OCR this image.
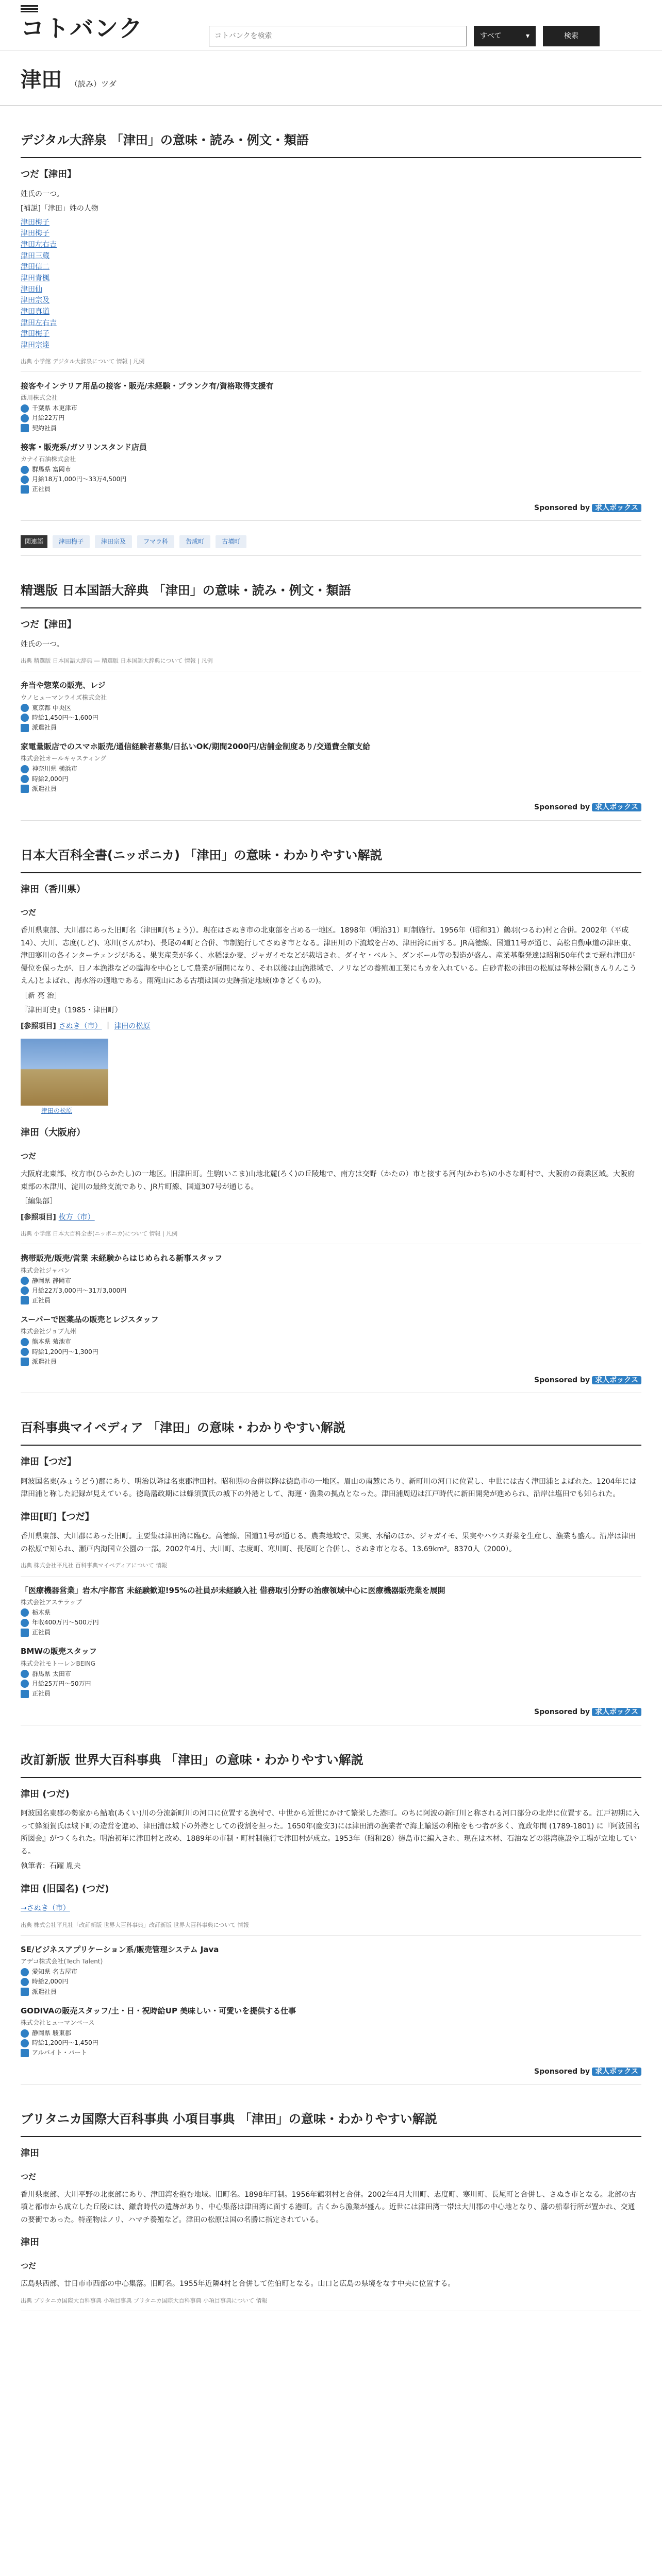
コトバンク
コトバンクを検索	すべて	▾	検索
津田 （読み）ツダ
デジタル大辞泉 「津田」の意味・読み・例文・類語
つだ【津田】

姓氏の一つ。

[補説]「津田」姓の人物

津田梅子
津田梅子
津田左右吉
津田三蔵
津田信二
津田青楓
津田仙
津田宗及
津田真道
津田左右吉
津田梅子
津田宗達
出典 小学館 デジタル大辞泉について 情報 | 凡例
接客やインテリア用品の接客・販売/未経験・ブランク有/資格取得支援有
西川株式会社
千葉県 木更津市
月給22万円
契約社員
接客・販売系/ガソリンスタンド店員
カナイ石油株式会社
群馬県 富岡市
月給18万1,000円〜33万4,500円
正社員
Sponsored by 求人ボックス
関連語	津田梅子	津田宗及	フマラ科	告成町	古墳町
精選版 日本国語大辞典 「津田」の意味・読み・例文・類語
つだ【津田】
姓氏の一つ。
出典 精選版 日本国語大辞典 ― 精選版 日本国語大辞典について 情報 | 凡例
弁当や惣菜の販売、レジ
ウノヒューマンライズ株式会社
東京都 中央区
時給1,450円〜1,600円
派遣社員
家電量販店でのスマホ販売/通信経験者募集/日払いOK/期間2000円/店舗金制度あり/交通費全額支給
株式会社オールキャスティング
神奈川県 横浜市
時給2,000円
派遣社員
Sponsored by 求人ボックス
日本大百科全書(ニッポニカ) 「津田」の意味・わかりやすい解説
津田（香川県）
つだ

香川県東部、大川郡にあった旧町名（津田町(ちょう)）。現在はさぬき市の北東部を占める一地区。1898年（明治31）町制施行。1956年（昭和31）鶴羽(つるわ)村と合併。2002年（平成14）、大川、志度(しど)、寒川(さんがわ)、長尾の4町と合併、市制施行してさぬき市となる。津田川の下流域を占め、津田湾に面する。JR高徳線、国道11号が通じ、高松自動車道の津田東、津田寒川の各インターチェンジがある。果実産業が多く、水稲ほか麦、ジャガイモなどが栽培され、ダイヤ・ベルト、ダンボール等の製造が盛ん。産業基盤発達は昭和50年代まで遅れ津田が優位を保ったが、日ノ本漁港などの臨海を中心として農業が展開になり、それ以後は山漁港域で、ノリなどの養殖加工業にもカを入れている。白砂青松の津田の松原は琴林公園(きんりんこうえん)とよばれ、海水浴の適地である。雨滝山にある古墳は国の史跡指定地域(ゆきどくもの)。

［新 亮 治］

『津田町史』（1985・津田町）

[参照項目] さぬき（市） ｜ 津田の松原

津田の松原
津田（大阪府）
つだ

大阪府北東部、枚方市(ひらかたし)の一地区。旧津田町。生駒(いこま)山地北麓(ろく)の丘陵地で、南方は交野（かたの）市と接する河内(かわち)の小さな町村で、大阪府の商業区域。大阪府東部の木津川、淀川の最終支流であり、JR片町線、国道307号が通じる。

［編集部］

[参照項目] 枚方（市）

出典 小学館 日本大百科全書(ニッポニカ)について 情報 | 凡例
携帯販売/販売/営業 未経験からはじめられる新事スタッフ
株式会社ジャパン
静岡県 静岡市
月給22万3,000円〜31万3,000円
正社員
スーパーで医薬品の販売とレジスタッフ
株式会社ジョブ九州
熊本県 菊池市
時給1,200円〜1,300円
派遣社員
Sponsored by 求人ボックス
百科事典マイペディア 「津田」の意味・わかりやすい解説
津田【つだ】
阿波国名東(みょうどう)郡にあり、明治以降は名東郡津田村。昭和期の合併以降は徳島市の一地区。眉山の南麓にあり、新町川の河口に位置し、中世には古く津田浦とよばれた。1204年には津田浦と称した記録が見えている。徳島藩政期には蜂須賀氏の城下の外港として、海運・漁業の拠点となった。津田浦周辺は江戸時代に新田開発が進められ、沿岸は塩田でも知られた。
津田[町]【つだ】
香川県東部、大川郡にあった旧町。主要集は津田湾に臨む。高徳線、国道11号が通じる。農業地域で、果実、水稲のほか、ジャガイモ、果実やハウス野菜を生産し、漁業も盛ん。沿岸は津田の松原で知られ、瀬戸内海国立公園の一部。2002年4月、大川町、志度町、寒川町、長尾町と合併し、さぬき市となる。13.69km²。8370人（2000）。
出典 株式会社平凡社 百科事典マイペディアについて 情報
「医療機器営業」岩木/宇都宮 未経験歓迎!95%の社員が未経験入社 借務取引分野の治療領域中心に医療機器販売業を展開
株式会社アステラップ
栃木県
年収400万円〜500万円
正社員
BMWの販売スタッフ
株式会社モトーレンBEING
群馬県 太田市
月給25万円〜50万円
正社員
Sponsored by 求人ボックス
改訂新版 世界大百科事典 「津田」の意味・わかりやすい解説
津田 (つだ)

阿波国名東郡の勢家から鮎喰(あくい)川の分流新町川の河口に位置する漁村で、中世から近世にかけて繁栄した港町。のちに阿波の新町川と称される河口部分の北岸に位置する。江戸初期に入って蜂須賀氏は城下町の造営を進め、津田浦は城下の外港としての役割を担った。1650年(慶安3)には津田浦の漁業者で海上輸送の利権をもつ者が多く、寛政年間 (1789-1801) に『阿波国名所図会』がつくられた。明治初年に津田村と改め、1889年の市制・町村制施行で津田村が成立。1953年（昭和28）徳島市に編入され、現在は木材、石油などの港湾施設や工場が立地している。

執筆者：石躍 胤央

津田 (旧国名) (つだ)
→さぬき（市）
出典 株式会社平凡社「改訂新版 世界大百科事典」改訂新版 世界大百科事典について 情報
SE/ビジネスアプリケーション系/販売管理システム Java
アデコ株式会社(Tech Talent)
愛知県 名古屋市
時給2,000円
派遣社員
GODIVAの販売スタッフ/土・日・祝時給UP 美味しい・可愛いを提供する仕事
株式会社ヒューマンベース
静岡県 駿東郡
時給1,200円〜1,450円
アルバイト・パート
Sponsored by 求人ボックス
ブリタニカ国際大百科事典 小項目事典 「津田」の意味・わかりやすい解説
津田
つだ
香川県東部、大川平野の北東部にあり、津田湾を抱む地域。旧町名。1898年町制。1956年鶴羽村と合併。2002年4月大川町、志度町、寒川町、長尾町と合併し、さぬき市となる。北部の古墳と都市から成立した丘陵には、鎌倉時代の遺跡があり、中心集落は津田湾に面する港町。古くから漁業が盛ん。近世には津田湾一帯は大川郡の中心地となり、藩の船奉行所が置かれ、交通の要衝であった。特産物はノリ、ハマチ養殖など。津田の松原は国の名勝に指定されている。
津田
つだ
広島県西部、廿日市市西部の中心集落。旧町名。1955年近隣4村と合併して佐伯町となる。山口と広島の県境をなす中央に位置する。
出典 ブリタニカ国際大百科事典 小項目事典 ブリタニカ国際大百科事典 小項目事典について 情報
